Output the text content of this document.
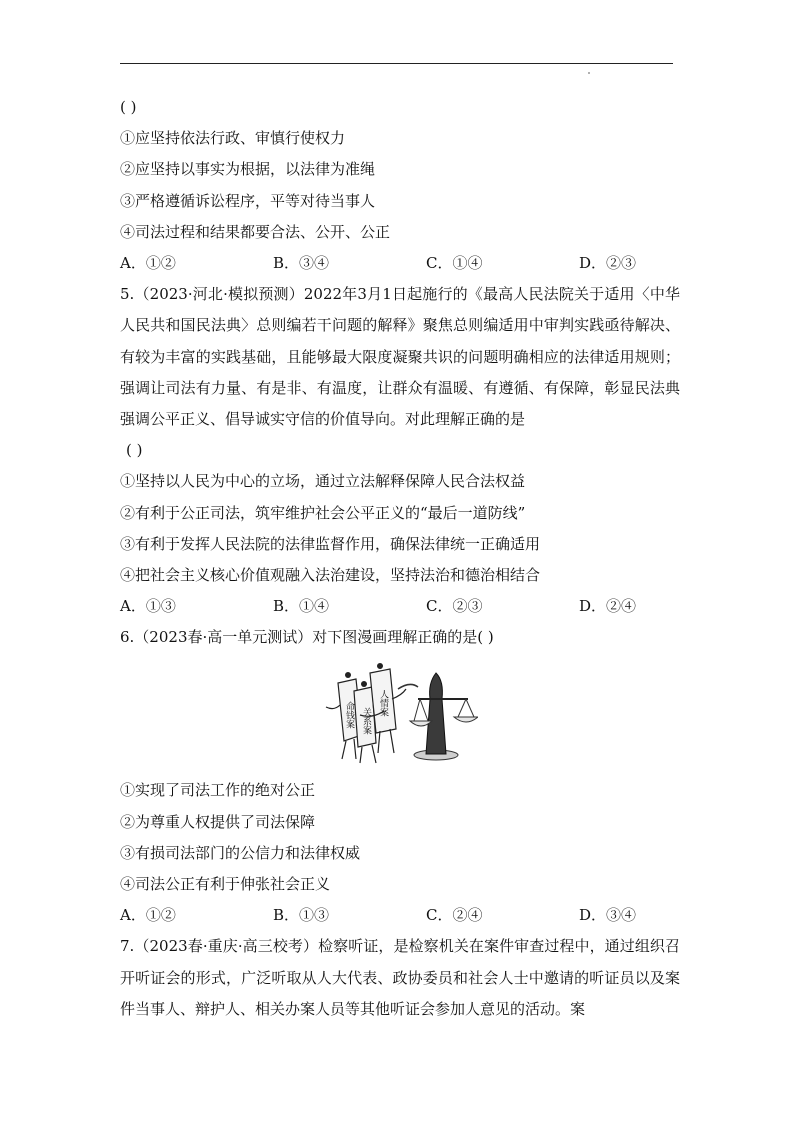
( )
①应坚持依法行政、审慎行使权力
②应坚持以事实为根据，以法律为准绳
③严格遵循诉讼程序，平等对待当事人
④司法过程和结果都要合法、公开、公正
A．①②	B．③④	C．①④	D．②③
5.（2023·河北·模拟预测）2022年3月1日起施行的《最高人民法院关于适用〈中华人民共和国民法典〉总则编若干问题的解释》聚焦总则编适用中审判实践亟待解决、有较为丰富的实践基础，且能够最大限度凝聚共识的问题明确相应的法律适用规则；强调让司法有力量、有是非、有温度，让群众有温暖、有遵循、有保障，彰显民法典强调公平正义、倡导诚实守信的价值导向。对此理解正确的是
( )
①坚持以人民为中心的立场，通过立法解释保障人民合法权益
②有利于公正司法，筑牢维护社会公平正义的“最后一道防线”
③有利于发挥人民法院的法律监督作用，确保法律统一正确适用
④把社会主义核心价值观融入法治建设，坚持法治和德治相结合
A．①③	B．①④	C．②③	D．②④
6.（2023春·高一单元测试）对下图漫画理解正确的是( )
命钱案 关系案
人情案
①实现了司法工作的绝对公正
②为尊重人权提供了司法保障
③有损司法部门的公信力和法律权威
④司法公正有利于伸张社会正义
A．①②	B．①③	C．②④	D．③④
7.（2023春·重庆·高三校考）检察听证，是检察机关在案件审查过程中，通过组织召开听证会的形式，广泛听取从人大代表、政协委员和社会人士中邀请的听证员以及案件当事人、辩护人、相关办案人员等其他听证会参加人意见的活动。案
